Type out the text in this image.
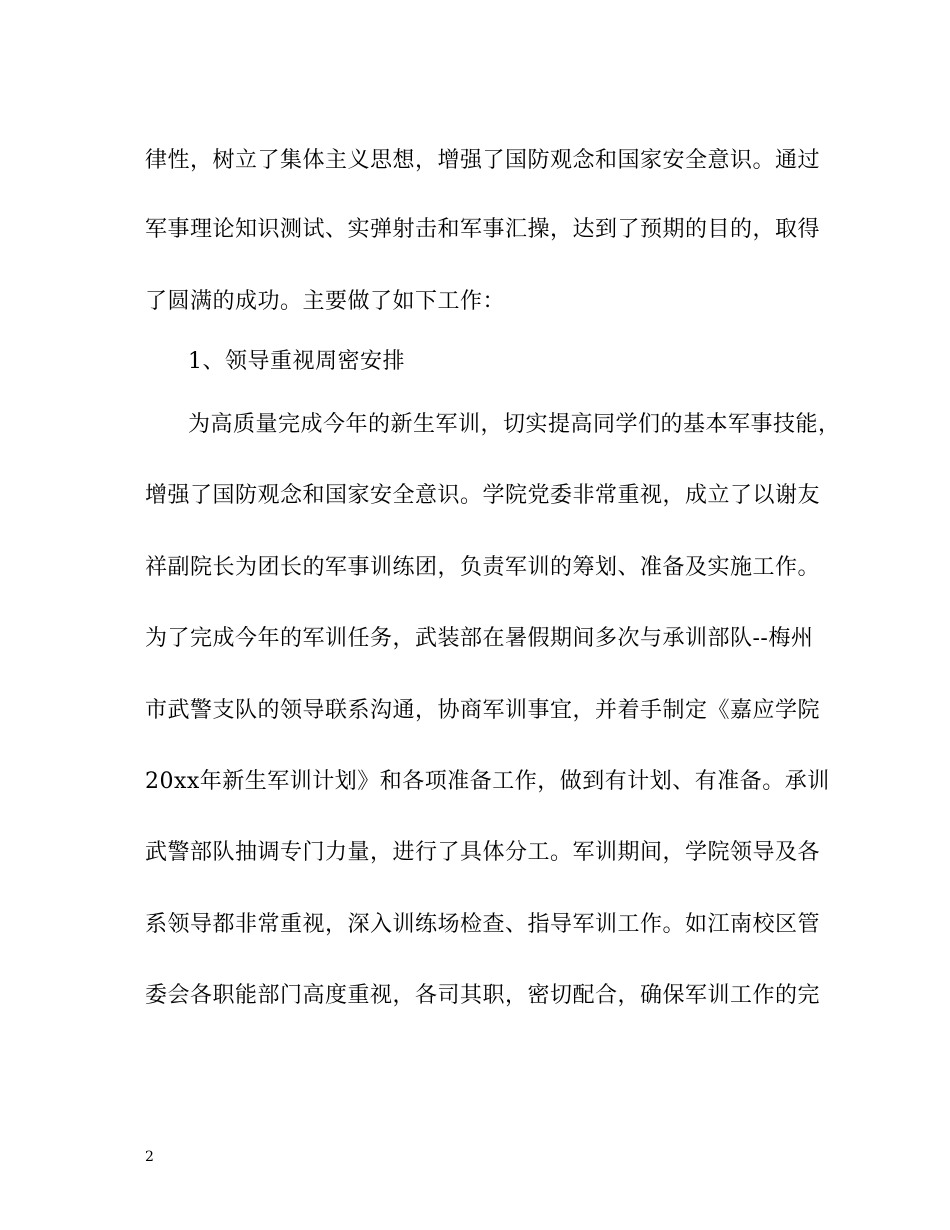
律性，树立了集体主义思想，增强了国防观念和国家安全意识。通过
军事理论知识测试、实弹射击和军事汇操，达到了预期的目的，取得
了圆满的成功。主要做了如下工作：
1、领导重视周密安排
为高质量完成今年的新生军训，切实提高同学们的基本军事技能，
增强了国防观念和国家安全意识。学院党委非常重视，成立了以谢友
祥副院长为团长的军事训练团，负责军训的筹划、准备及实施工作。
为了完成今年的军训任务，武装部在暑假期间多次与承训部队--梅州
市武警支队的领导联系沟通，协商军训事宜，并着手制定《嘉应学院
20xx年新生军训计划》和各项准备工作，做到有计划、有准备。承训
武警部队抽调专门力量，进行了具体分工。军训期间，学院领导及各
系领导都非常重视，深入训练场检查、指导军训工作。如江南校区管
委会各职能部门高度重视，各司其职，密切配合，确保军训工作的完
2
